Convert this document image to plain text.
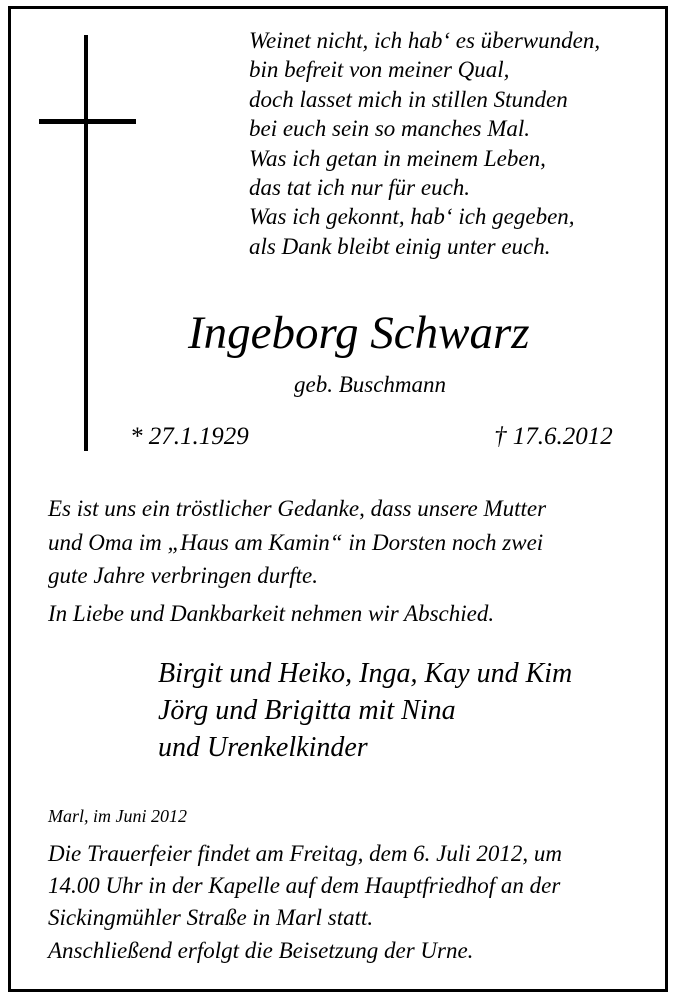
Weinet nicht, ich hab‘ es überwunden,
bin befreit von meiner Qual,
doch lasset mich in stillen Stunden
bei euch sein so manches Mal.
Was ich getan in meinem Leben,
das tat ich nur für euch.
Was ich gekonnt, hab‘ ich gegeben,
als Dank bleibt einig unter euch.
Ingeborg Schwarz
geb. Buschmann
* 27.1.1929	† 17.6.2012
Es ist uns ein tröstlicher Gedanke, dass unsere Mutter
und Oma im „Haus am Kamin“ in Dorsten noch zwei
gute Jahre verbringen durfte.
In Liebe und Dankbarkeit nehmen wir Abschied.
Birgit und Heiko, Inga, Kay und Kim
Jörg und Brigitta mit Nina
und Urenkelkinder
Marl, im Juni 2012
Die Trauerfeier findet am Freitag, dem 6. Juli 2012, um
14.00 Uhr in der Kapelle auf dem Hauptfriedhof an der
Sickingmühler Straße in Marl statt.
Anschließend erfolgt die Beisetzung der Urne.
